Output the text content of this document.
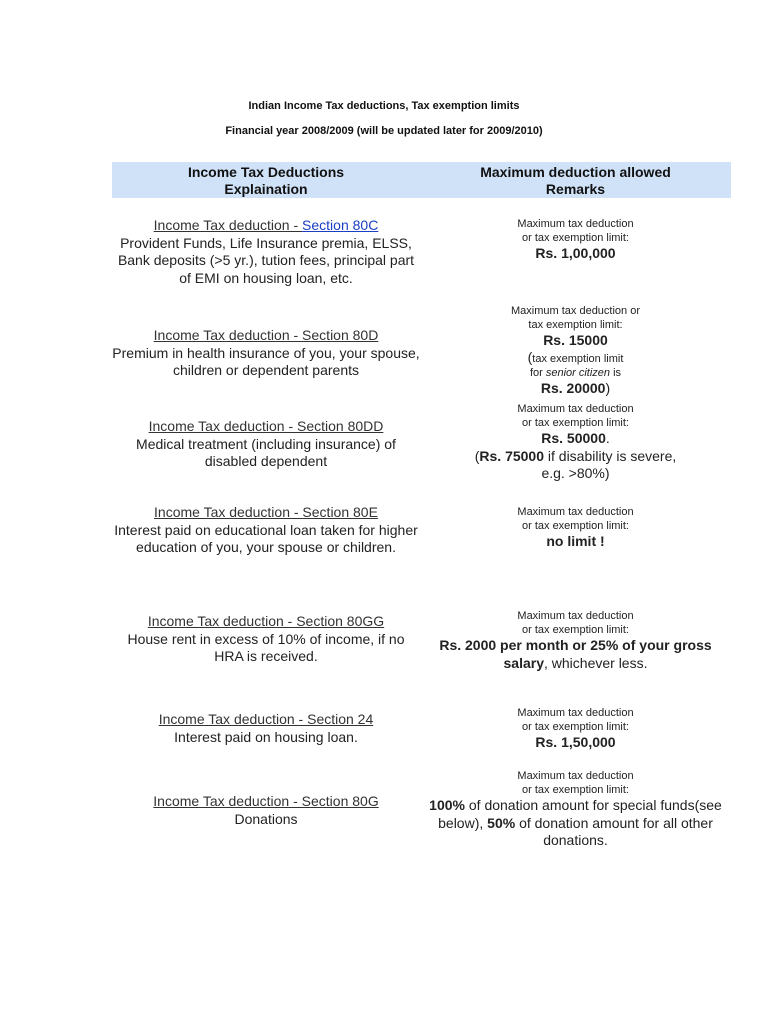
Indian Income Tax deductions, Tax exemption limits
Financial year 2008/2009 (will be updated later for 2009/2010)
Income Tax Deductions
Explaination
Maximum deduction allowed
Remarks
Income Tax deduction - Section 80C
Provident Funds, Life Insurance premia, ELSS, Bank deposits (>5 yr.), tution fees, principal part of EMI on housing loan, etc.
Maximum tax deduction
or tax exemption limit:
Rs. 1,00,000
Income Tax deduction - Section 80D
Premium in health insurance of you, your spouse, children or dependent parents
Maximum tax deduction or
tax exemption limit:
Rs. 15000
(tax exemption limit
for senior citizen is
Rs. 20000)
Income Tax deduction - Section 80DD
Medical treatment (including insurance) of disabled dependent
Maximum tax deduction
or tax exemption limit:
Rs. 50000.
(Rs. 75000 if disability is severe,
e.g. >80%)
Income Tax deduction - Section 80E
Interest paid on educational loan taken for higher education of you, your spouse or children.
Maximum tax deduction
or tax exemption limit:
no limit !
Income Tax deduction - Section 80GG
House rent in excess of 10% of income, if no HRA is received.
Maximum tax deduction
or tax exemption limit:
Rs. 2000 per month or 25% of your gross salary, whichever less.
Income Tax deduction - Section 24
Interest paid on housing loan.
Maximum tax deduction
or tax exemption limit:
Rs. 1,50,000
Income Tax deduction - Section 80G
Donations
Maximum tax deduction
or tax exemption limit:
100% of donation amount for special funds(see below), 50% of donation amount for all other donations.
